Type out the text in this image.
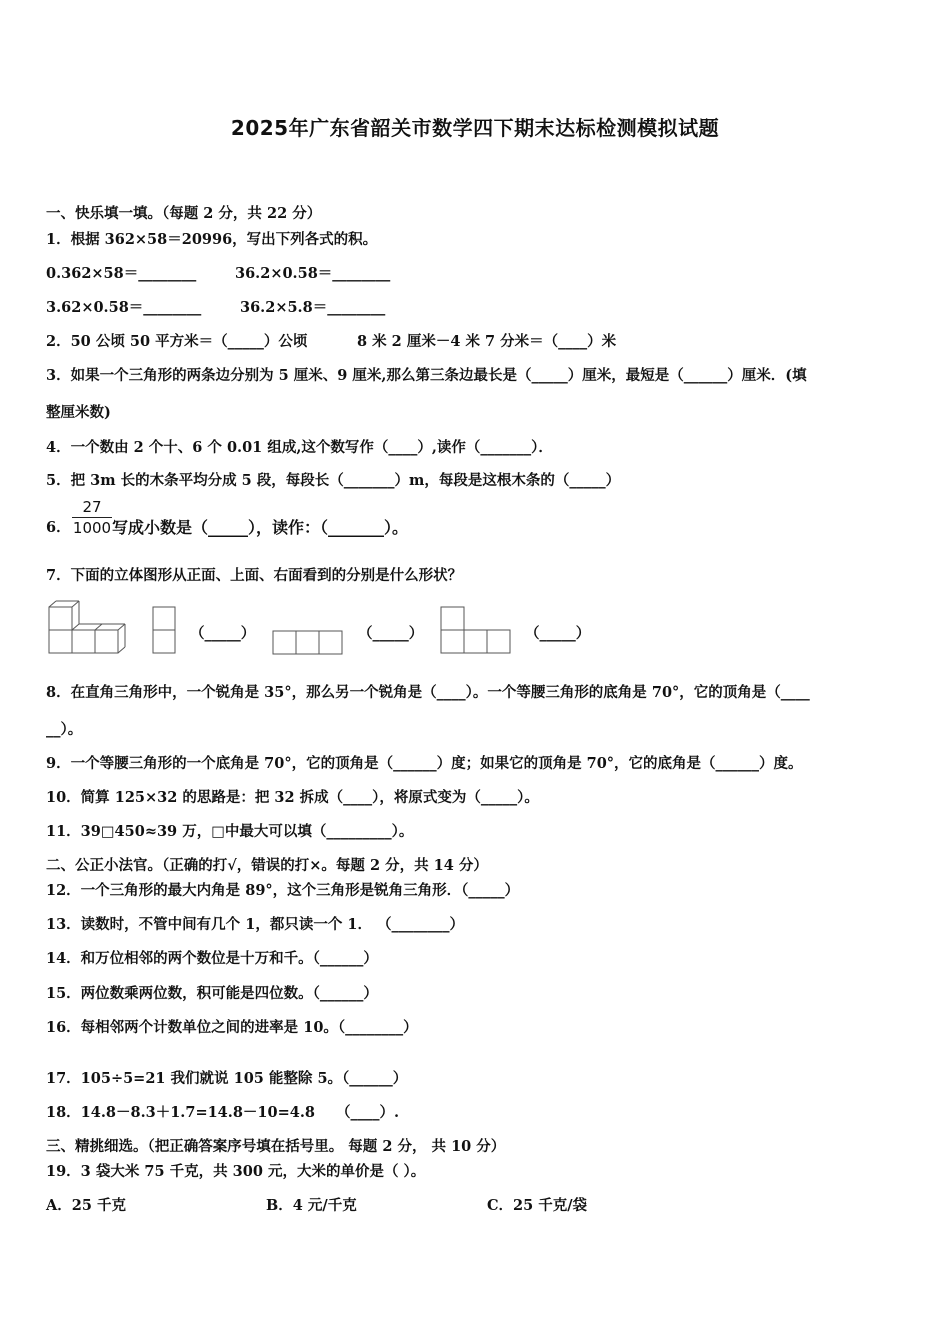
2025年广东省韶关市数学四下期末达标检测模拟试题
一、快乐填一填。（每题 2 分，共 22 分）
1．根据 362×58＝20996，写出下列各式的积。
0.362×58＝________	36.2×0.58＝________
3.62×0.58＝________	36.2×5.8＝________
2．50 公顷 50 平方米＝（_____）公顷	8 米 2 厘米－4 米 7 分米＝（____）米
3．如果一个三角形的两条边分别为 5 厘米、9 厘米,那么第三条边最长是（_____）厘米，最短是（______）厘米．(填
整厘米数)
4．一个数由 2 个十、6 个 0.01 组成,这个数写作（____）,读作（_______）．
5．把 3m 长的木条平均分成 5 段，每段长（_______）m，每段是这根木条的（_____）
6．
27
1000 写成小数是（_____），读作：（_______）。
7．下面的立体图形从正面、上面、右面看到的分别是什么形状？
（_____）	（_____）	（_____）
8．在直角三角形中，一个锐角是 35°，那么另一个锐角是（____）。一个等腰三角形的底角是 70°，它的顶角是（____
__）。
9．一个等腰三角形的一个底角是 70°，它的顶角是（______）度；如果它的顶角是 70°，它的底角是（______）度。
10．简算 125×32 的思路是：把 32 拆成（____），将原式变为（_____）。
11．39□450≈39 万，□中最大可以填（_________）。
二、公正小法官。（正确的打√，错误的打×。每题 2 分，共 14 分）
12．一个三角形的最大内角是 89°，这个三角形是锐角三角形．（_____）
13．读数时，不管中间有几个 1，都只读一个 1． （________）
14．和万位相邻的两个数位是十万和千。（______）
15．两位数乘两位数，积可能是四位数。（______）
16．每相邻两个计数单位之间的进率是 10。（________）
17．105÷5=21 我们就说 105 能整除 5。（______）
18．14.8－8.3＋1.7=14.8－10=4.8 （____）.
三、精挑细选。（把正确答案序号填在括号里。 每题 2 分， 共 10 分）
19．3 袋大米 75 千克，共 300 元，大米的单价是（ ）。
A．25 千克	B．4 元/千克	C．25 千克/袋
